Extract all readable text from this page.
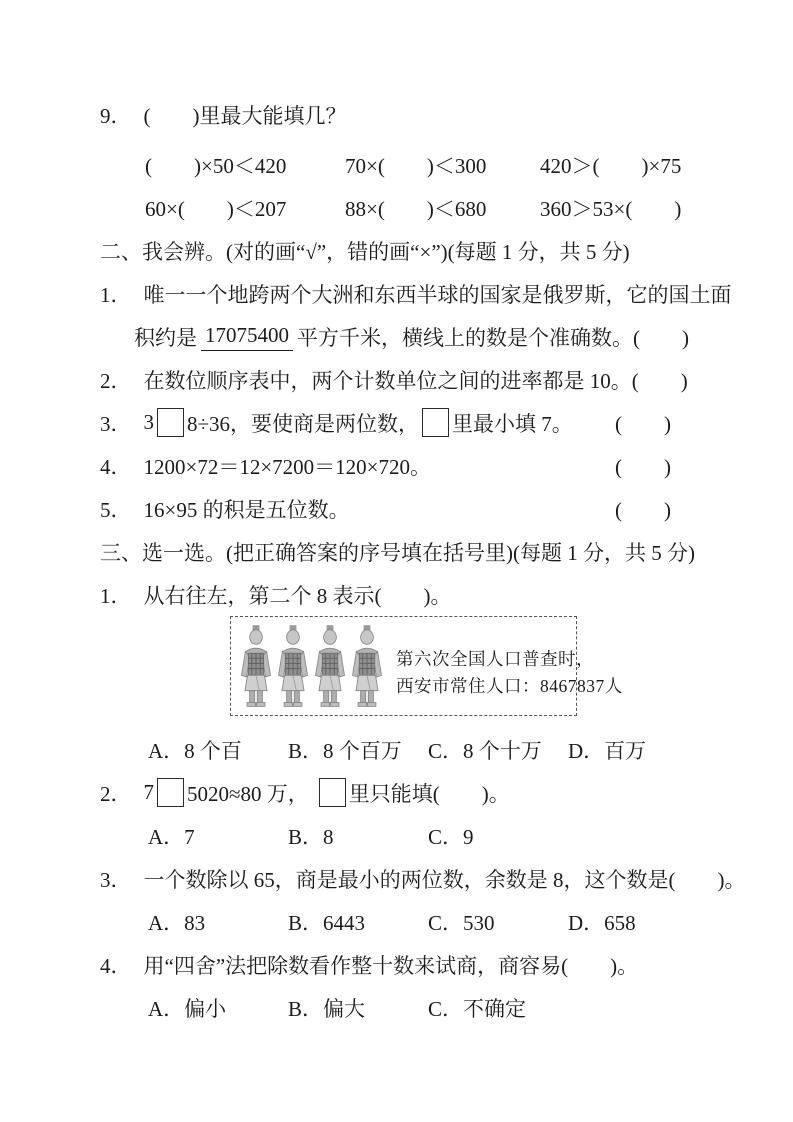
9． (　　)里最大能填几？
(　　)×50＜420	70×(　　)＜300	420＞(　　)×75
60×(　　)＜207	88×(　　)＜680	360＞53×(　　)
二、我会辨。(对的画“√”，错的画“×”)(每题 1 分，共 5 分)
1． 唯一一个地跨两个大洲和东西半球的国家是俄罗斯，它的国土面
积约是 17075400 平方千米，横线上的数是个准确数。 (　　)
2． 在数位顺序表中，两个计数单位之间的进率都是 10。 (　　)
3． 3 8÷36，要使商是两位数， 里最小填 7。 (　　)
4． 1200×72＝12×7200＝120×720。	(　　)
5． 16×95 的积是五位数。	(　　)
三、选一选。(把正确答案的序号填在括号里)(每题 1 分，共 5 分)
1． 从右往左，第二个 8 表示(　　)。
第六次全国人口普查时，
西安市常住人口：8467837人
A．8 个百	B．8 个百万	C．8 个十万	D．百万
2． 7 5020≈80 万， 里只能填(　　)。
A．7	B．8	C．9
3． 一个数除以 65，商是最小的两位数，余数是 8，这个数是(　　)。
A．83	B．6443	C．530	D．658
4． 用“四舍”法把除数看作整十数来试商，商容易(　　)。
A．偏小	B．偏大	C．不确定
